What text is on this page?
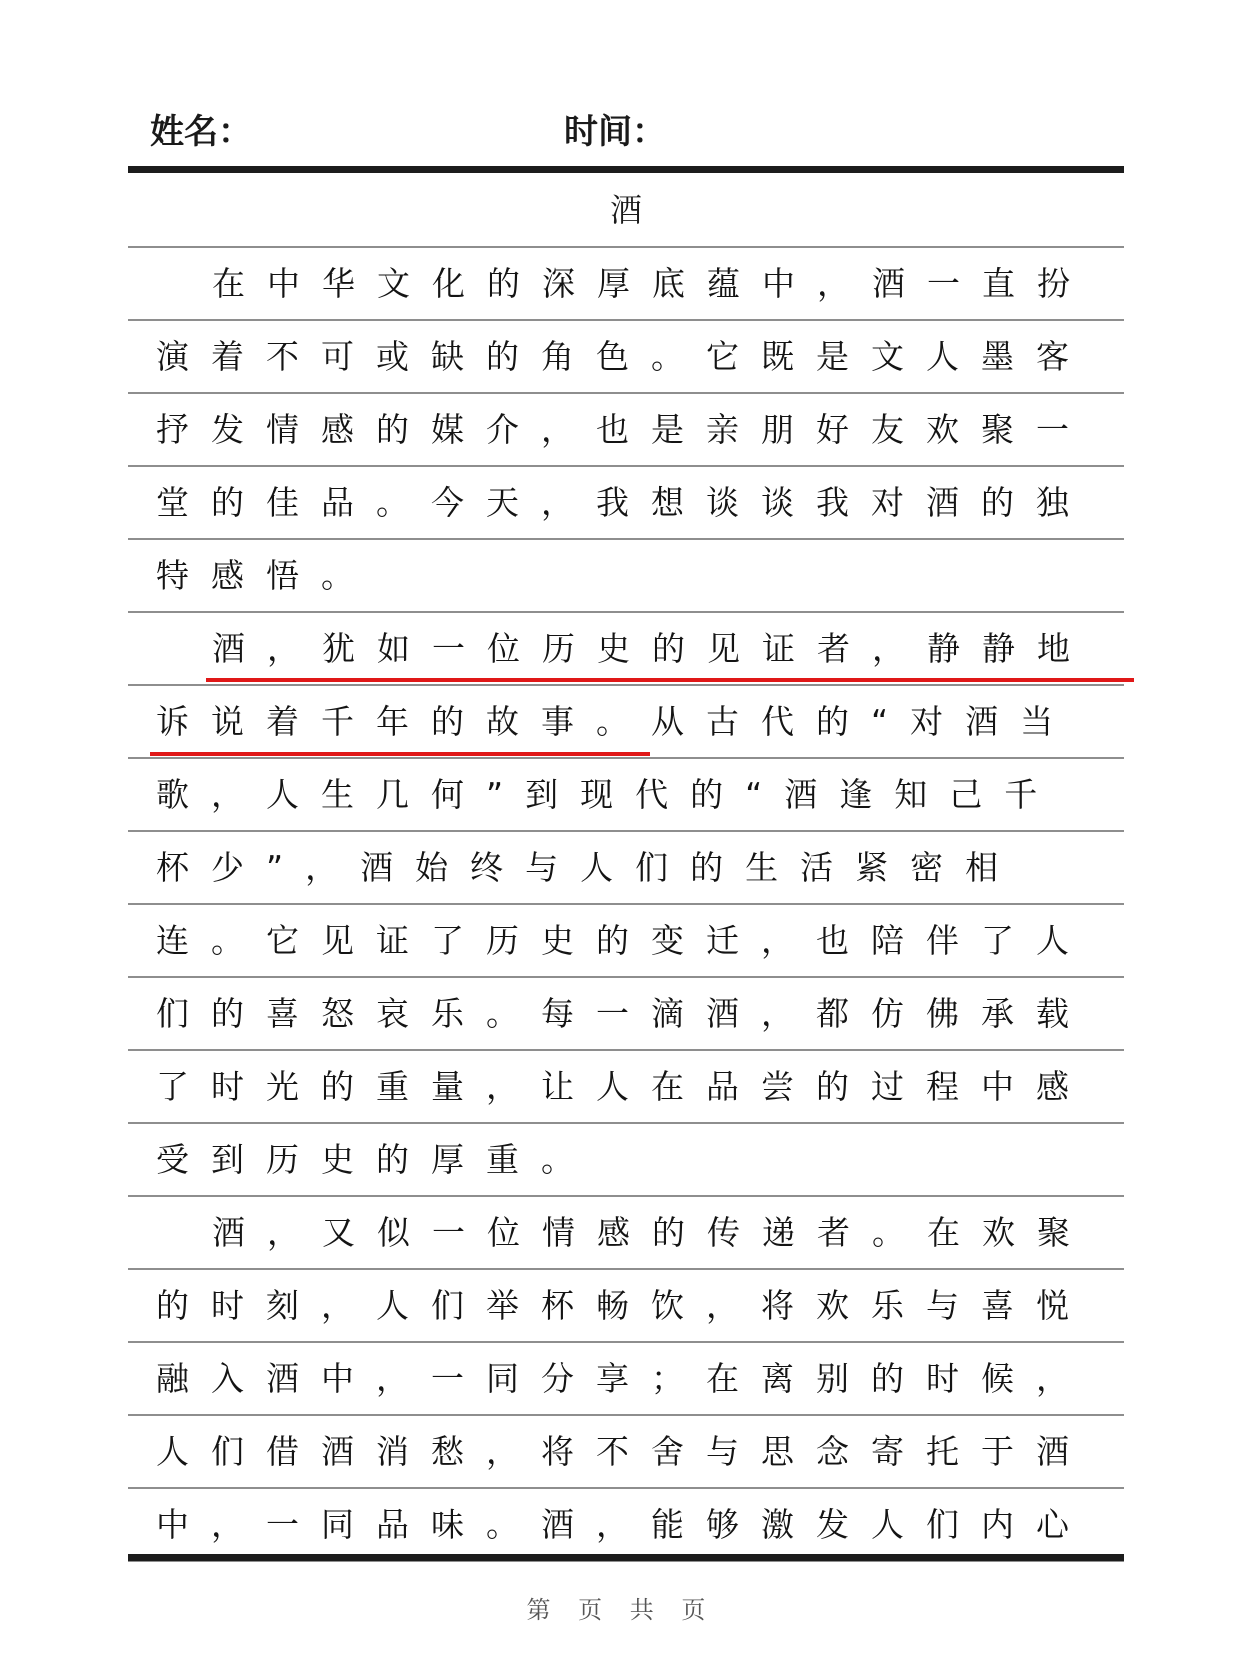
姓名：	时间：
酒
在中华文化的深厚底蕴中，酒一直扮
演着不可或缺的角色。它既是文人墨客
抒发情感的媒介，也是亲朋好友欢聚一
堂的佳品。今天，我想谈谈我对酒的独
特感悟。
酒，犹如一位历史的见证者，静静地
诉说着千年的故事。从古代的“对酒当
歌，人生几何”到现代的“酒逢知己千
杯少”，酒始终与人们的生活紧密相
连。它见证了历史的变迁，也陪伴了人
们的喜怒哀乐。每一滴酒，都仿佛承载
了时光的重量，让人在品尝的过程中感
受到历史的厚重。
酒，又似一位情感的传递者。在欢聚
的时刻，人们举杯畅饮，将欢乐与喜悦
融入酒中，一同分享；在离别的时候，
人们借酒消愁，将不舍与思念寄托于酒
中，一同品味。酒，能够激发人们内心
第 页 共 页
